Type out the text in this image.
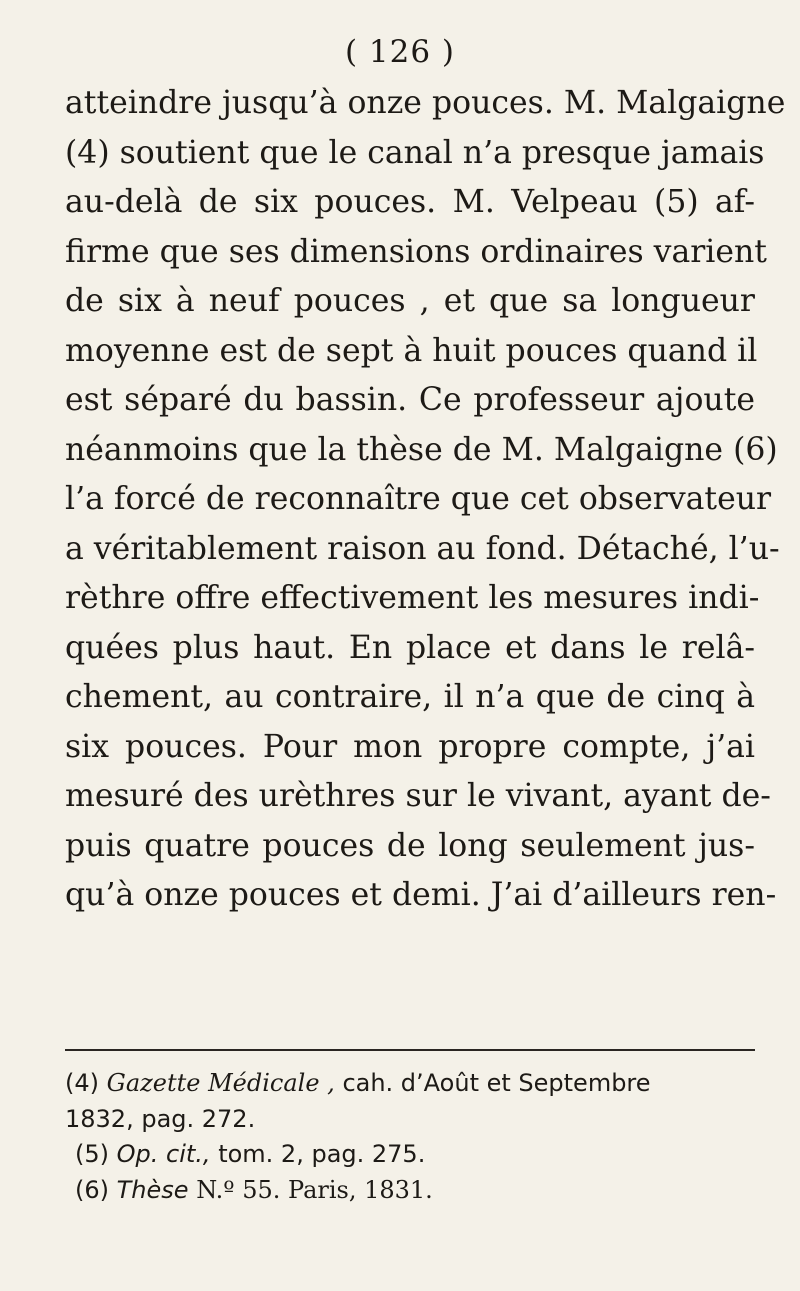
( 126 )
atteindre jusqu’à onze pouces. M. Malgaigne
(4) soutient que le canal n’a presque jamais
au-delà de six pouces. M. Velpeau (5) af-
firme que ses dimensions ordinaires varient
de six à neuf pouces , et que sa longueur
moyenne est de sept à huit pouces quand il
est séparé du bassin. Ce professeur ajoute
néanmoins que la thèse de M. Malgaigne (6)
l’a forcé de reconnaître que cet observateur
a véritablement raison au fond. Détaché, l’u-
rèthre offre effectivement les mesures indi-
quées plus haut. En place et dans le relâ-
chement, au contraire, il n’a que de cinq à
six pouces. Pour mon propre compte, j’ai
mesuré des urèthres sur le vivant, ayant de-
puis quatre pouces de long seulement jus-
qu’à onze pouces et demi. J’ai d’ailleurs ren-
(4) Gazette Médicale , cah. d’Août et Septembre
1832, pag. 272.
(5) Op. cit., tom. 2, pag. 275.
(6) Thèse N.º 55. Paris, 1831.
